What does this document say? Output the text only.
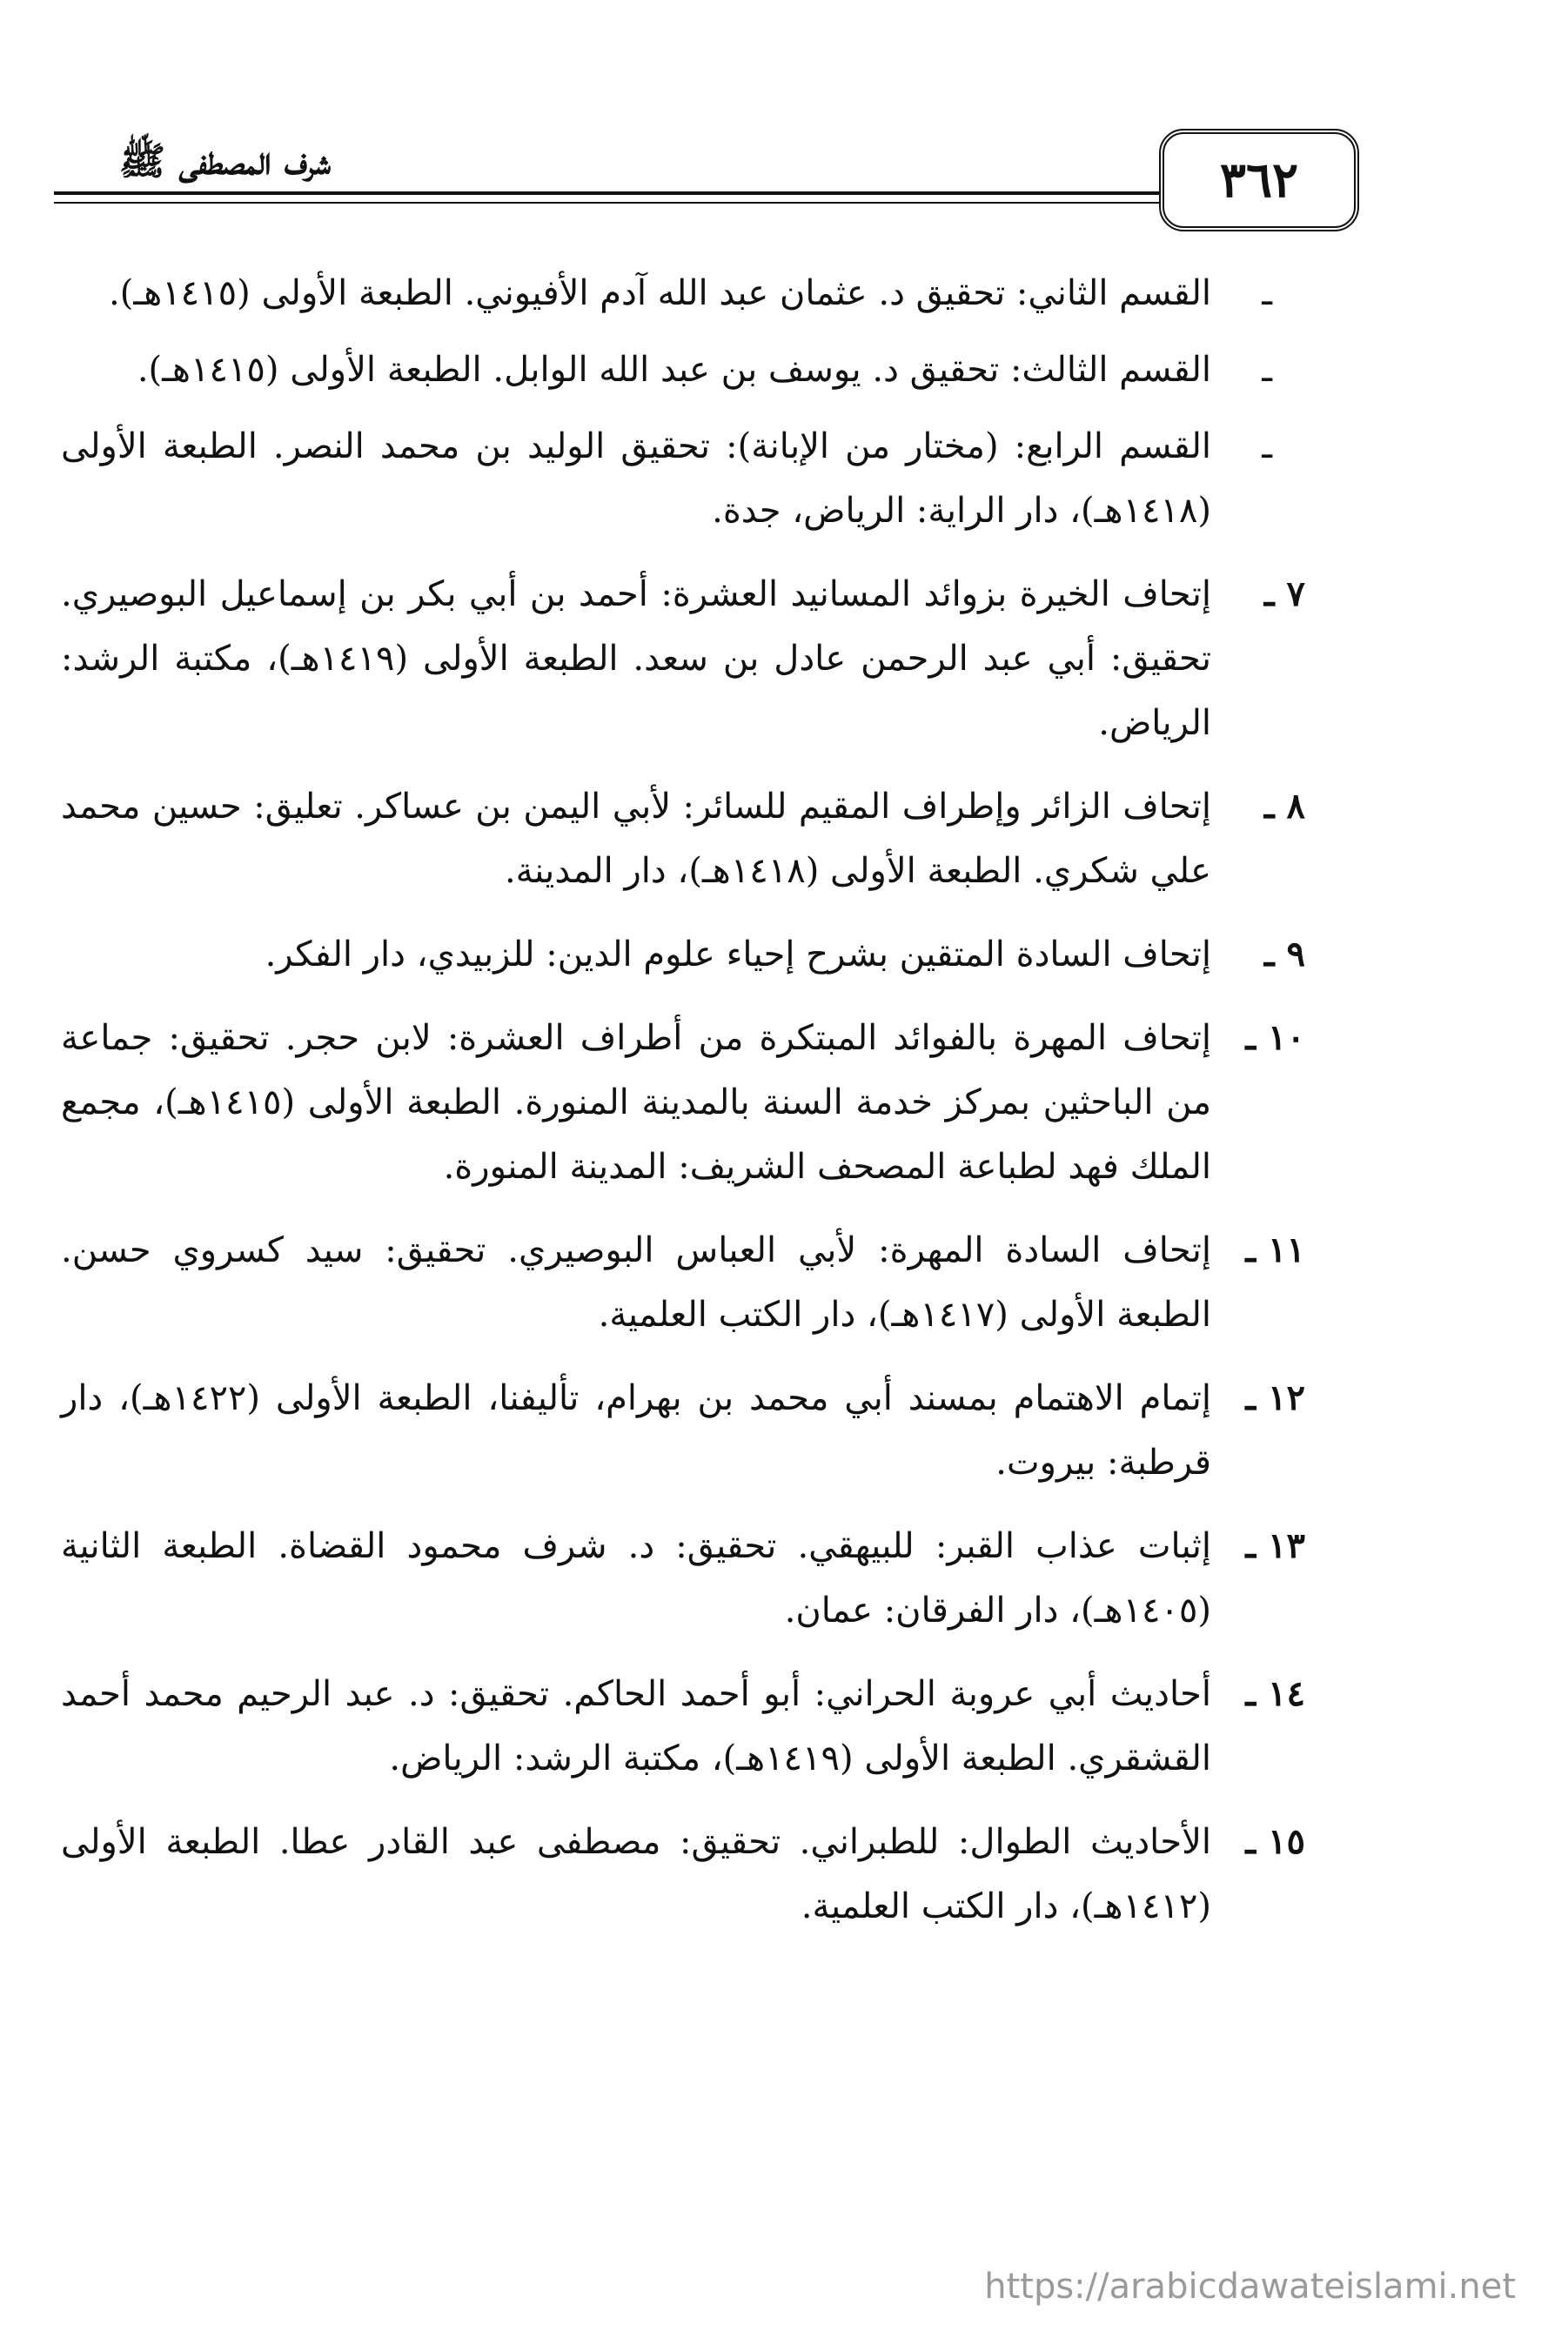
شرف المصطفى ﷺ	٣٦٢
ـ
القسم الثاني: تحقيق د. عثمان عبد الله آدم الأفيوني. الطبعة الأولى (١٤١٥هـ).
ـ
القسم الثالث: تحقيق د. يوسف بن عبد الله الوابل. الطبعة الأولى (١٤١٥هـ).
ـ
القسم الرابع: (مختار من الإبانة): تحقيق الوليد بن محمد النصر. الطبعة الأولى (١٤١٨هـ)، دار الراية: الرياض، جدة.
٧ ـ
إتحاف الخيرة بزوائد المسانيد العشرة: أحمد بن أبي بكر بن إسماعيل البوصيري. تحقيق: أبي عبد الرحمن عادل بن سعد. الطبعة الأولى (١٤١٩هـ)، مكتبة الرشد: الرياض.
٨ ـ
إتحاف الزائر وإطراف المقيم للسائر: لأبي اليمن بن عساكر. تعليق: حسين محمد علي شكري. الطبعة الأولى (١٤١٨هـ)، دار المدينة.
٩ ـ
إتحاف السادة المتقين بشرح إحياء علوم الدين: للزبيدي، دار الفكر.
١٠ ـ
إتحاف المهرة بالفوائد المبتكرة من أطراف العشرة: لابن حجر. تحقيق: جماعة من الباحثين بمركز خدمة السنة بالمدينة المنورة. الطبعة الأولى (١٤١٥هـ)، مجمع الملك فهد لطباعة المصحف الشريف: المدينة المنورة.
١١ ـ
إتحاف السادة المهرة: لأبي العباس البوصيري. تحقيق: سيد كسروي حسن. الطبعة الأولى (١٤١٧هـ)، دار الكتب العلمية.
١٢ ـ
إتمام الاهتمام بمسند أبي محمد بن بهرام، تأليفنا، الطبعة الأولى (١٤٢٢هـ)، دار قرطبة: بيروت.
١٣ ـ
إثبات عذاب القبر: للبيهقي. تحقيق: د. شرف محمود القضاة. الطبعة الثانية (١٤٠٥هـ)، دار الفرقان: عمان.
١٤ ـ
أحاديث أبي عروبة الحراني: أبو أحمد الحاكم. تحقيق: د. عبد الرحيم محمد أحمد القشقري. الطبعة الأولى (١٤١٩هـ)، مكتبة الرشد: الرياض.
١٥ ـ
الأحاديث الطوال: للطبراني. تحقيق: مصطفى عبد القادر عطا. الطبعة الأولى (١٤١٢هـ)، دار الكتب العلمية.
https://arabicdawateislami.net
